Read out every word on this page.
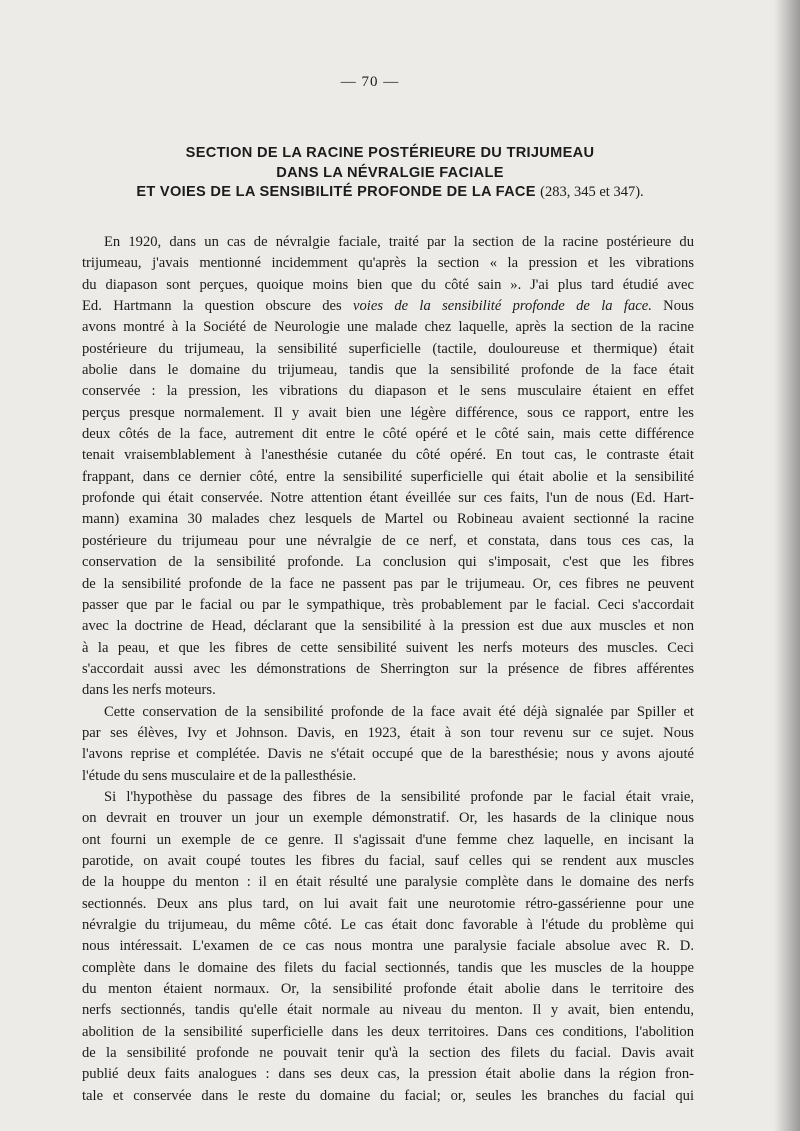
— 70 —
SECTION DE LA RACINE POSTÉRIEURE DU TRIJUMEAU
DANS LA NÉVRALGIE FACIALE
ET VOIES DE LA SENSIBILITÉ PROFONDE DE LA FACE (283, 345 et 347).
En 1920, dans un cas de névralgie faciale, traité par la section de la racine postérieure du
trijumeau, j'avais mentionné incidemment qu'après la section « la pression et les vibrations
du diapason sont perçues, quoique moins bien que du côté sain ». J'ai plus tard étudié avec
Ed. Hartmann la question obscure des voies de la sensibilité profonde de la face. Nous
avons montré à la Société de Neurologie une malade chez laquelle, après la section de la racine
postérieure du trijumeau, la sensibilité superficielle (tactile, douloureuse et thermique) était
abolie dans le domaine du trijumeau, tandis que la sensibilité profonde de la face était
conservée : la pression, les vibrations du diapason et le sens musculaire étaient en effet
perçus presque normalement. Il y avait bien une légère différence, sous ce rapport, entre les
deux côtés de la face, autrement dit entre le côté opéré et le côté sain, mais cette différence
tenait vraisemblablement à l'anesthésie cutanée du côté opéré. En tout cas, le contraste était
frappant, dans ce dernier côté, entre la sensibilité superficielle qui était abolie et la sensibilité
profonde qui était conservée. Notre attention étant éveillée sur ces faits, l'un de nous (Ed. Hart-
mann) examina 30 malades chez lesquels de Martel ou Robineau avaient sectionné la racine
postérieure du trijumeau pour une névralgie de ce nerf, et constata, dans tous ces cas, la
conservation de la sensibilité profonde. La conclusion qui s'imposait, c'est que les fibres
de la sensibilité profonde de la face ne passent pas par le trijumeau. Or, ces fibres ne peuvent
passer que par le facial ou par le sympathique, très probablement par le facial. Ceci s'accordait
avec la doctrine de Head, déclarant que la sensibilité à la pression est due aux muscles et non
à la peau, et que les fibres de cette sensibilité suivent les nerfs moteurs des muscles. Ceci
s'accordait aussi avec les démonstrations de Sherrington sur la présence de fibres afférentes
dans les nerfs moteurs.
Cette conservation de la sensibilité profonde de la face avait été déjà signalée par Spiller et
par ses élèves, Ivy et Johnson. Davis, en 1923, était à son tour revenu sur ce sujet. Nous
l'avons reprise et complétée. Davis ne s'était occupé que de la baresthésie; nous y avons ajouté
l'étude du sens musculaire et de la pallesthésie.
Si l'hypothèse du passage des fibres de la sensibilité profonde par le facial était vraie,
on devrait en trouver un jour un exemple démonstratif. Or, les hasards de la clinique nous
ont fourni un exemple de ce genre. Il s'agissait d'une femme chez laquelle, en incisant la
parotide, on avait coupé toutes les fibres du facial, sauf celles qui se rendent aux muscles
de la houppe du menton : il en était résulté une paralysie complète dans le domaine des nerfs
sectionnés. Deux ans plus tard, on lui avait fait une neurotomie rétro-gassérienne pour une
névralgie du trijumeau, du même côté. Le cas était donc favorable à l'étude du problème qui
nous intéressait. L'examen de ce cas nous montra une paralysie faciale absolue avec R. D.
complète dans le domaine des filets du facial sectionnés, tandis que les muscles de la houppe
du menton étaient normaux. Or, la sensibilité profonde était abolie dans le territoire des
nerfs sectionnés, tandis qu'elle était normale au niveau du menton. Il y avait, bien entendu,
abolition de la sensibilité superficielle dans les deux territoires. Dans ces conditions, l'abolition
de la sensibilité profonde ne pouvait tenir qu'à la section des filets du facial. Davis avait
publié deux faits analogues : dans ses deux cas, la pression était abolie dans la région fron-
tale et conservée dans le reste du domaine du facial; or, seules les branches du facial qui
